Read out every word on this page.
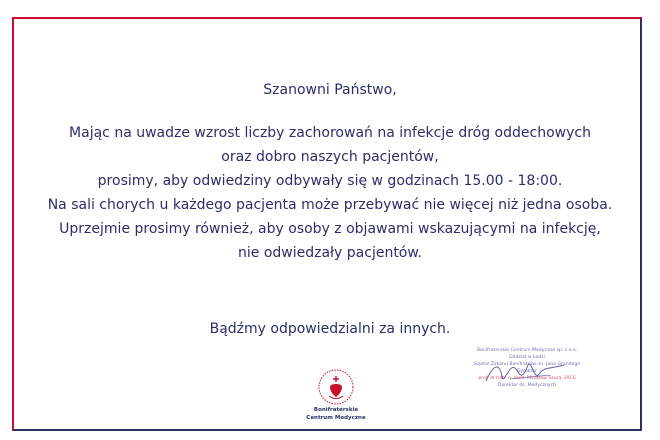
Szanowni Państwo,
Mając na uwadze wzrost liczby zachorowań na infekcje dróg oddechowych
oraz dobro naszych pacjentów,
prosimy, aby odwiedziny odbywały się w godzinach 15.00 - 18:00.
Na sali chorych u każdego pacjenta może przebywać nie więcej niż jedna osoba.
Uprzejmie prosimy również, aby osoby z objawami wskazującymi na infekcję,
nie odwiedzały pacjentów.
Bądźmy odpowiedzialni za innych.
Bonifraterskie Centrum Medyczne sp. z o.o.
Oddział w Łodzi
Szpital Zakonu Bonifratrów im. Jana Grandego
Dyrektor
prof. dr hab. n. med. Mirosław Szura, FACS
Dyrektor ds. Medycznych
Bonifraterskie
Centrum Medyczne
